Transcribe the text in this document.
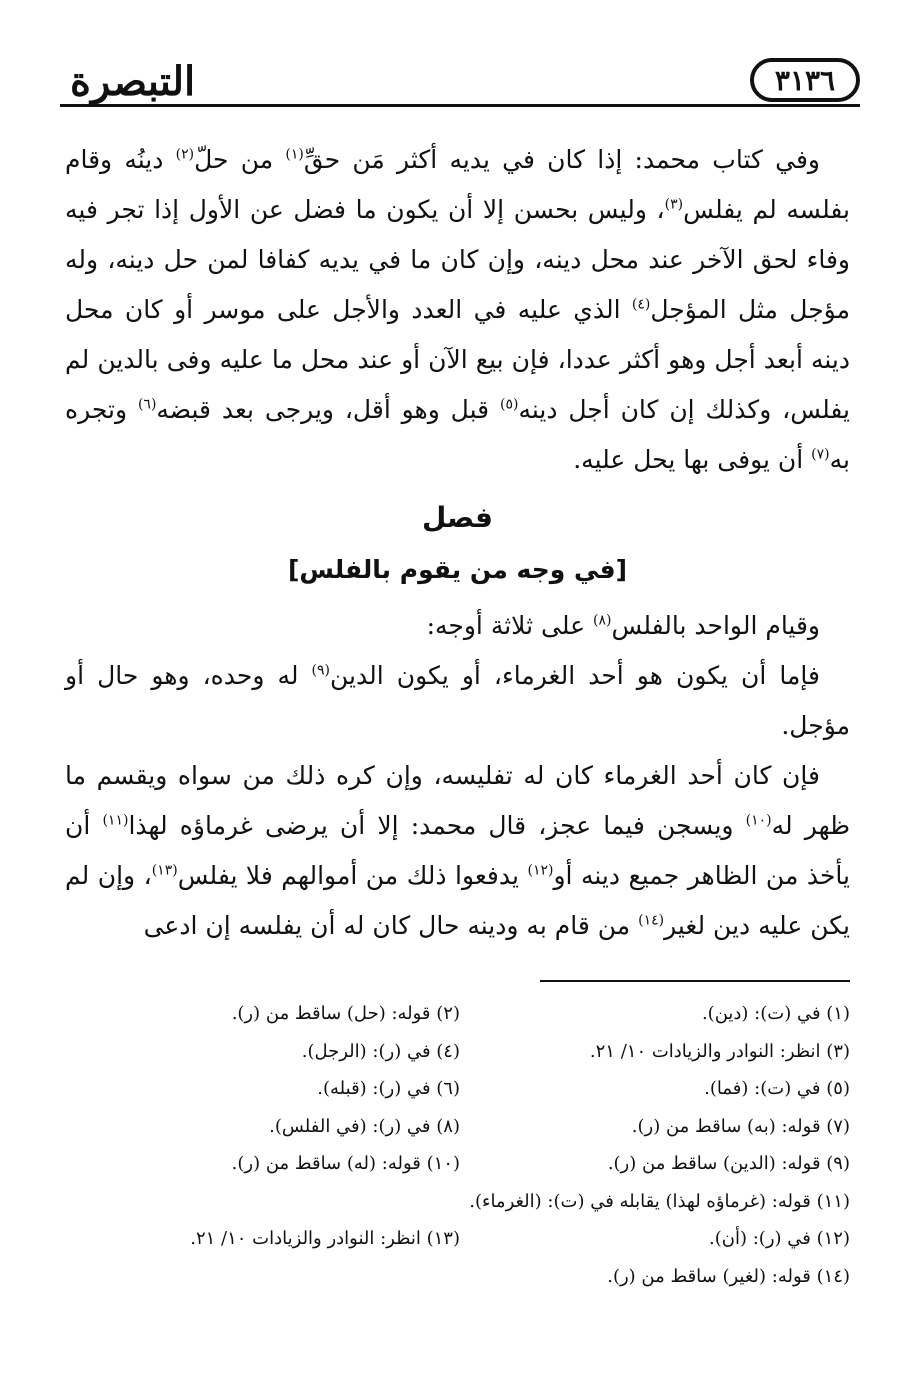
٣١٣٦
التبصرة

وفي كتاب محمد: إذا كان في يديه أكثر مَن حقِّ$^{(١)}$ من حلّ$^{(٢)}$ دينُه وقام بفلسه لم يفلس$^{(٣)}$، وليس بحسن إلا أن يكون ما فضل عن الأول إذا تجر فيه وفاء لحق الآخر عند محل دينه، وإن كان ما في يديه كفافا لمن حل دينه، وله مؤجل مثل المؤجل$^{(٤)}$ الذي عليه في العدد والأجل على موسر أو كان محل دينه أبعد أجل وهو أكثر عددا، فإن بيع الآن أو عند محل ما عليه وفى بالدين لم يفلس، وكذلك إن كان أجل دينه$^{(٥)}$ قبل وهو أقل، ويرجى بعد قبضه$^{(٦)}$ وتجره به$^{(٧)}$ أن يوفى بها يحل عليه.

فصل
[في وجه من يقوم بالفلس]

وقيام الواحد بالفلس$^{(٨)}$ على ثلاثة أوجه:

فإما أن يكون هو أحد الغرماء، أو يكون الدين$^{(٩)}$ له وحده، وهو حال أو مؤجل.

فإن كان أحد الغرماء كان له تفليسه، وإن كره ذلك من سواه ويقسم ما ظهر له$^{(١٠)}$ ويسجن فيما عجز، قال محمد: إلا أن يرضى غرماؤه لهذا$^{(١١)}$ أن يأخذ من الظاهر جميع دينه أو$^{(١٢)}$ يدفعوا ذلك من أموالهم فلا يفلس$^{(١٣)}$، وإن لم يكن عليه دين لغير$^{(١٤)}$ من قام به ودينه حال كان له أن يفلسه إن ادعى

(١) في (ت): (دين).
(٢) قوله: (حل) ساقط من (ر).
(٣) انظر: النوادر والزيادات ١٠/ ٢١.
(٤) في (ر): (الرجل).
(٥) في (ت): (فما).
(٦) في (ر): (قبله).
(٧) قوله: (به) ساقط من (ر).
(٨) في (ر): (في الفلس).
(٩) قوله: (الدين) ساقط من (ر).
(١٠) قوله: (له) ساقط من (ر).
(١١) قوله: (غرماؤه لهذا) يقابله في (ت): (الغرماء).
(١٢) في (ر): (أن).
(١٣) انظر: النوادر والزيادات ١٠/ ٢١.
(١٤) قوله: (لغير) ساقط من (ر).
